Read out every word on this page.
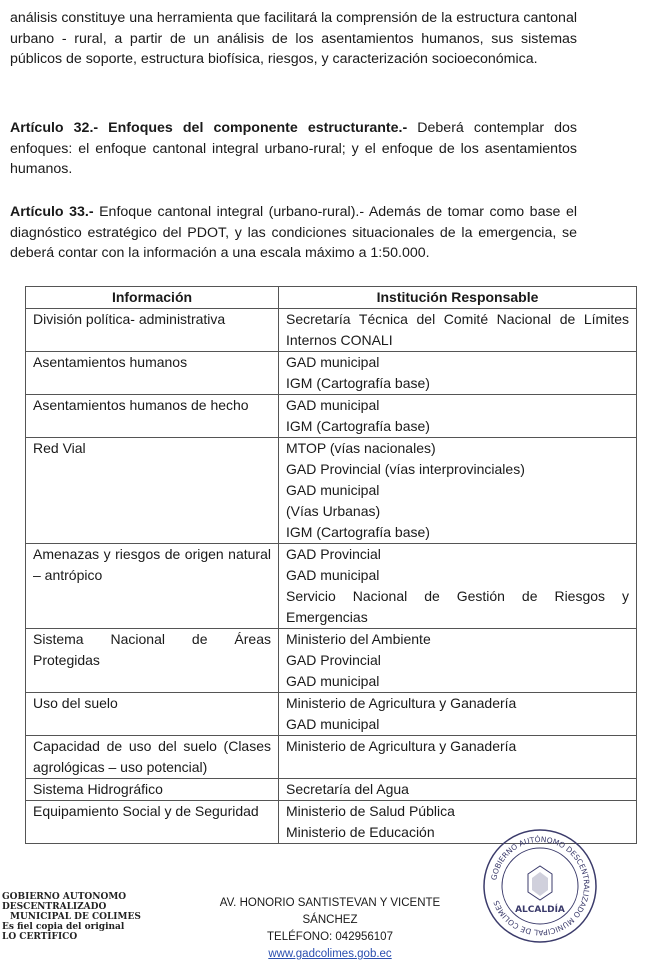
análisis constituye una herramienta que facilitará la comprensión de la estructura cantonal urbano - rural, a partir de un análisis de los asentamientos humanos, sus sistemas públicos de soporte, estructura biofísica, riesgos, y caracterización socioeconómica.
Artículo 32.- Enfoques del componente estructurante.- Deberá contemplar dos enfoques: el enfoque cantonal integral urbano-rural; y el enfoque de los asentamientos humanos.
Artículo 33.- Enfoque cantonal integral (urbano-rural).- Además de tomar como base el diagnóstico estratégico del PDOT, y las condiciones situacionales de la emergencia, se deberá contar con la información a una escala máximo a 1:50.000.
Información	Institución Responsable
División política- administrativa	Secretaría Técnica del Comité Nacional de Límites Internos CONALI

Asentamientos humanos	GAD municipal
IGM (Cartografía base)

Asentamientos humanos de hecho	GAD municipal
IGM (Cartografía base)

Red Vial	MTOP (vías nacionales)
GAD Provincial (vías interprovinciales)
GAD municipal
(Vías Urbanas)
IGM (Cartografía base)

Amenazas y riesgos de origen natural – antrópico	GAD Provincial
GAD municipal
Servicio Nacional de Gestión de Riesgos y Emergencias

Sistema Nacional de Áreas Protegidas	Ministerio del Ambiente
GAD Provincial
GAD municipal

Uso del suelo	Ministerio de Agricultura y Ganadería
GAD municipal

Capacidad de uso del suelo (Clases agrológicas – uso potencial)	Ministerio de Agricultura y Ganadería

Sistema Hidrográfico	Secretaría del Agua

Equipamiento Social y de Seguridad	Ministerio de Salud Pública
Ministerio de Educación
GOBIERNO AUTONOMO DESCENTRALIZADO
MUNICIPAL DE COLIMES
Es fiel copia del original
LO CERTIFICO
AV. HONORIO SANTISTEVAN Y VICENTE SÁNCHEZ
TELÉFONO: 042956107
www.gadcolimes.gob.ec
GOBIERNO AUTÓNOMO DESCENTRALIZADO MUNICIPAL DE COLIMES
ALCALDÍA
